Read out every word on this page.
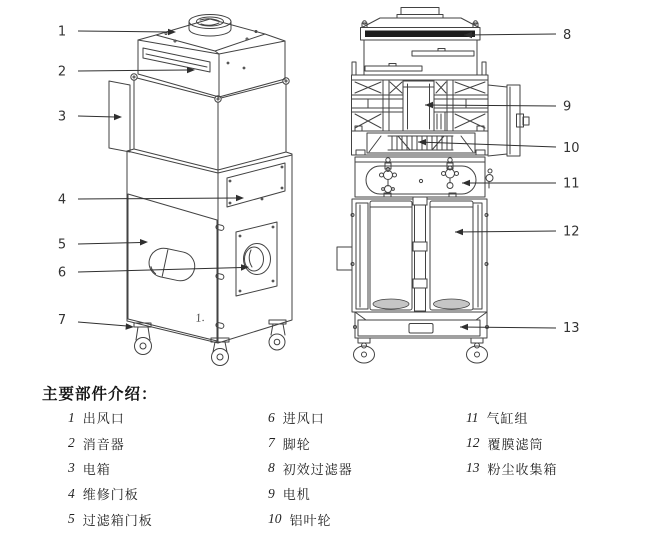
1.
1
2
3
4
5
6
7
8
9
10
11
12
13
主要部件介绍：
1 出风口
2 消音器
3 电箱
4 维修门板
5 过滤箱门板
6 进风口
7 脚轮
8 初效过滤器
9 电机
10 铝叶轮
11 气缸组
12 覆膜滤筒
13 粉尘收集箱
